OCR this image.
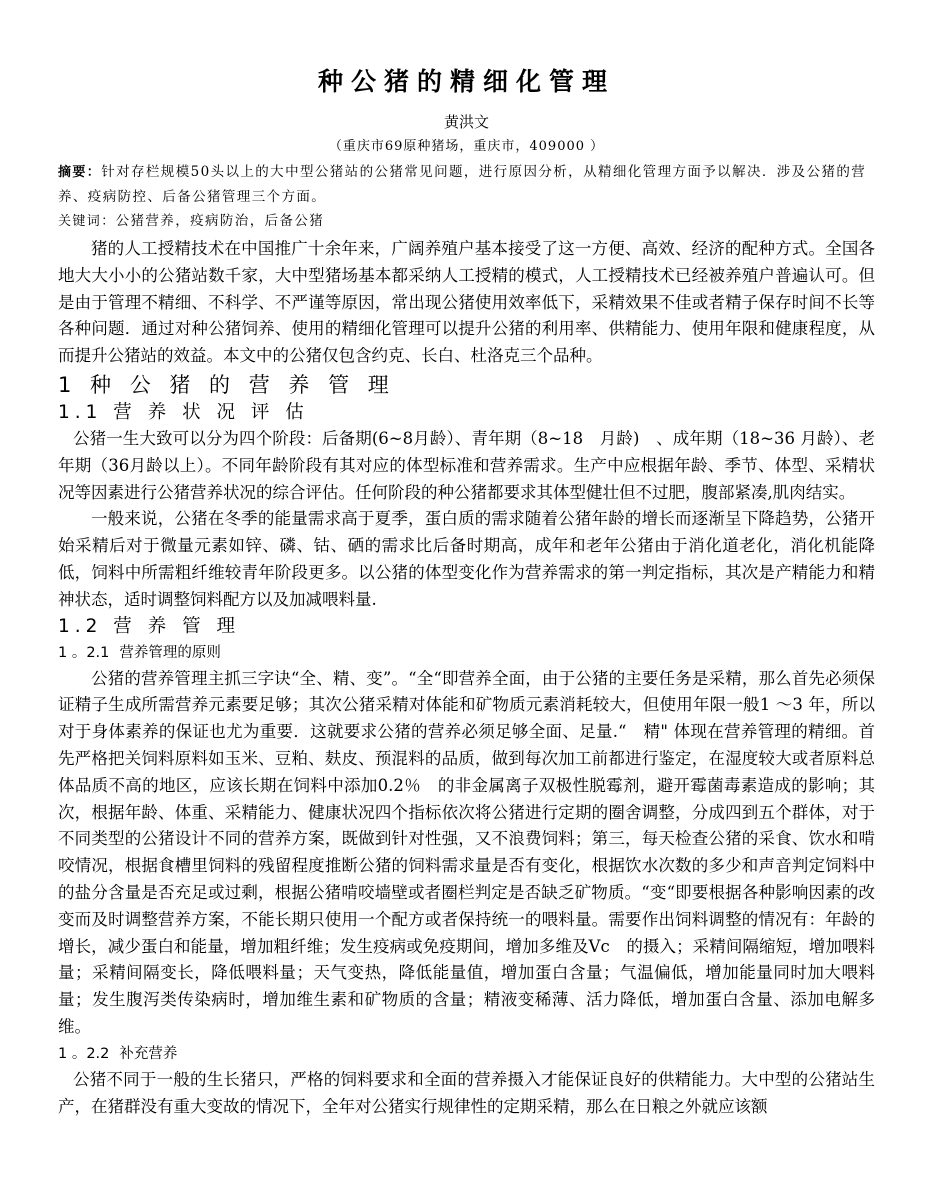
种公猪的精细化管理
黄洪文
（重庆市69原种猪场，重庆市，409000 ）

摘要：针对存栏规模50头以上的大中型公猪站的公猪常见问题，进行原因分析，从精细化管理方面予以解决．涉及公猪的营养、疫病防控、后备公猪管理三个方面。

关键词：公猪营养，疫病防治，后备公猪

猪的人工授精技术在中国推广十余年来，广阔养殖户基本接受了这一方便、高效、经济的配种方式。全国各地大大小小的公猪站数千家，大中型猪场基本都采纳人工授精的模式，人工授精技术已经被养殖户普遍认可。但是由于管理不精细、不科学、不严谨等原因，常出现公猪使用效率低下，采精效果不佳或者精子保存时间不长等各种问题．通过对种公猪饲养、使用的精细化管理可以提升公猪的利用率、供精能力、使用年限和健康程度，从而提升公猪站的效益。本文中的公猪仅包含约克、长白、杜洛克三个品种。

1 种 公 猪 的 营 养 管 理
1.1 营 养 状 况 评 估

公猪一生大致可以分为四个阶段：后备期(6~8月龄）、青年期（8~18　月龄)　、成年期（18~36 月龄）、老年期（36月龄以上）。不同年龄阶段有其对应的体型标准和营养需求。生产中应根据年龄、季节、体型、采精状况等因素进行公猪营养状况的综合评估。任何阶段的种公猪都要求其体型健壮但不过肥，腹部紧凑,肌肉结实。

一般来说，公猪在冬季的能量需求高于夏季，蛋白质的需求随着公猪年龄的增长而逐渐呈下降趋势，公猪开始采精后对于微量元素如锌、磷、钴、硒的需求比后备时期高，成年和老年公猪由于消化道老化，消化机能降低，饲料中所需粗纤维较青年阶段更多。以公猪的体型变化作为营养需求的第一判定指标，其次是产精能力和精神状态，适时调整饲料配方以及加减喂料量.

1.2 营 养 管 理
1 。2.1 营养管理的原则

公猪的营养管理主抓三字诀“全、精、变”。“全“即营养全面，由于公猪的主要任务是采精，那么首先必须保证精子生成所需营养元素要足够；其次公猪采精对体能和矿物质元素消耗较大，但使用年限一般1 ～3 年，所以对于身体素养的保证也尤为重要．这就要求公猪的营养必须足够全面、足量.“　精" 体现在营养管理的精细。首先严格把关饲料原料如玉米、豆粕、麸皮、预混料的品质，做到每次加工前都进行鉴定，在湿度较大或者原料总体品质不高的地区，应该长期在饲料中添加0.2％　的非金属离子双极性脱霉剂，避开霉菌毒素造成的影响；其次，根据年龄、体重、采精能力、健康状况四个指标依次将公猪进行定期的圈舍调整，分成四到五个群体，对于不同类型的公猪设计不同的营养方案，既做到针对性强，又不浪费饲料；第三，每天检查公猪的采食、饮水和啃咬情况，根据食槽里饲料的残留程度推断公猪的饲料需求量是否有变化，根据饮水次数的多少和声音判定饲料中的盐分含量是否充足或过剩，根据公猪啃咬墙壁或者圈栏判定是否缺乏矿物质。“变“即要根据各种影响因素的改变而及时调整营养方案，不能长期只使用一个配方或者保持统一的喂料量。需要作出饲料调整的情况有：年龄的增长，减少蛋白和能量，增加粗纤维；发生疫病或免疫期间，增加多维及Vc　的摄入；采精间隔缩短，增加喂料量；采精间隔变长，降低喂料量；天气变热，降低能量值，增加蛋白含量；气温偏低，增加能量同时加大喂料量；发生腹泻类传染病时，增加维生素和矿物质的含量；精液变稀薄、活力降低，增加蛋白含量、添加电解多维。

1 。2.2 补充营养

公猪不同于一般的生长猪只，严格的饲料要求和全面的营养摄入才能保证良好的供精能力。大中型的公猪站生产，在猪群没有重大变故的情况下，全年对公猪实行规律性的定期采精，那么在日粮之外就应该额
